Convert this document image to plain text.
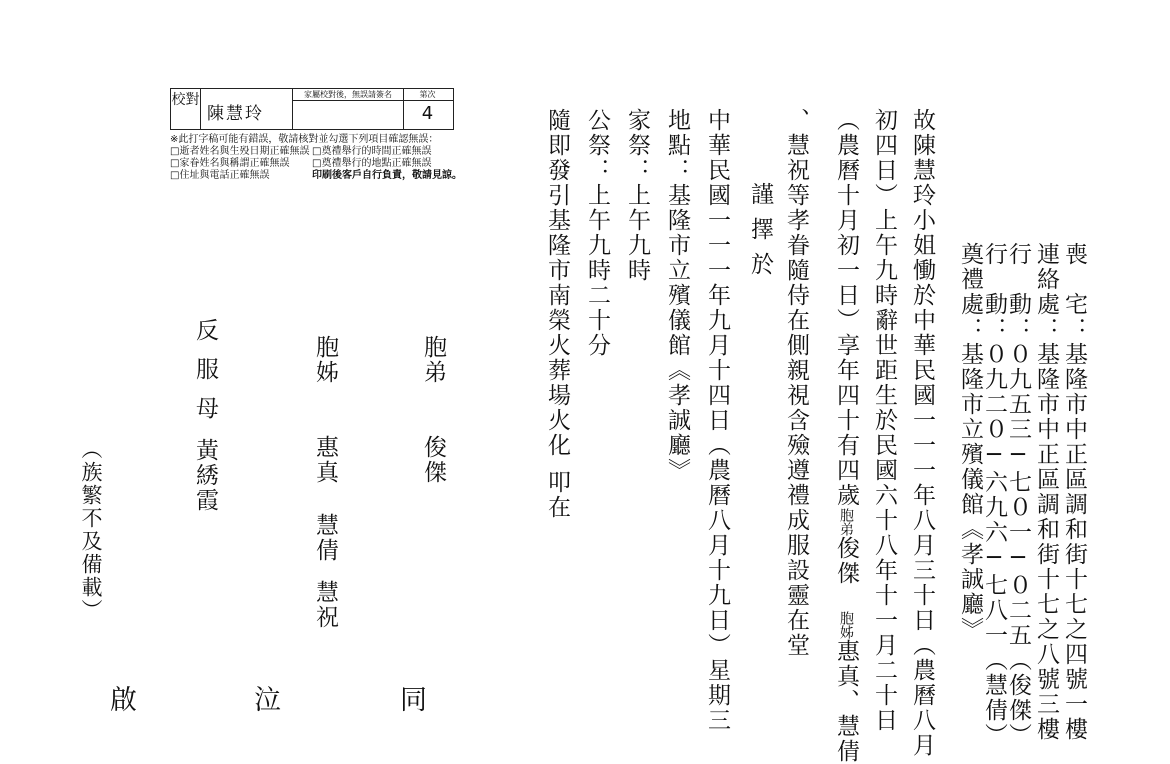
校對
陳慧玲
家屬校對後，無誤請簽名	第次
4
※此打字稿可能有錯誤，敬請核對並勾選下列項目確認無誤：
□逝者姓名與生殁日期正確無誤 □奠禮舉行的時間正確無誤
□家眷姓名與稱謂正確無誤 □奠禮舉行的地點正確無誤
□住址與電話正確無誤	印刷後客戶自行負責，敬請見諒。
喪　宅：基隆市中正區調和街十七之四號一樓
連絡處：基隆市中正區調和街十七之八號三樓
行　動：０九五三─七０一─０二五（俊傑）
行　動：０九二０─六九六─七八一（慧倩）
奠禮處：基隆市立殯儀館《孝誠廳》
故陳慧玲小姐慟於中華民國一一一年八月三十日（農曆八月
初四日）上午九時辭世距生於民國六十八年十一月二十日
（農曆十月初一日）享年四十有四歲胞弟俊傑　胞姊惠真、慧倩
、慧祝等孝眷隨侍在側親視含殮遵禮成服設靈在堂
謹擇於
中華民國一一一年九月十四日（農曆八月十九日）星期三
地點：基隆市立殯儀館《孝誠廳》
家祭：上午九時
公祭：上午九時二十分
隨即發引基隆市南榮火葬場火化
叩在
胞弟
俊傑
胞姊
惠真
慧倩
慧祝
反服母
黃綉霞
（族繁不及備載）
同
泣
啟
